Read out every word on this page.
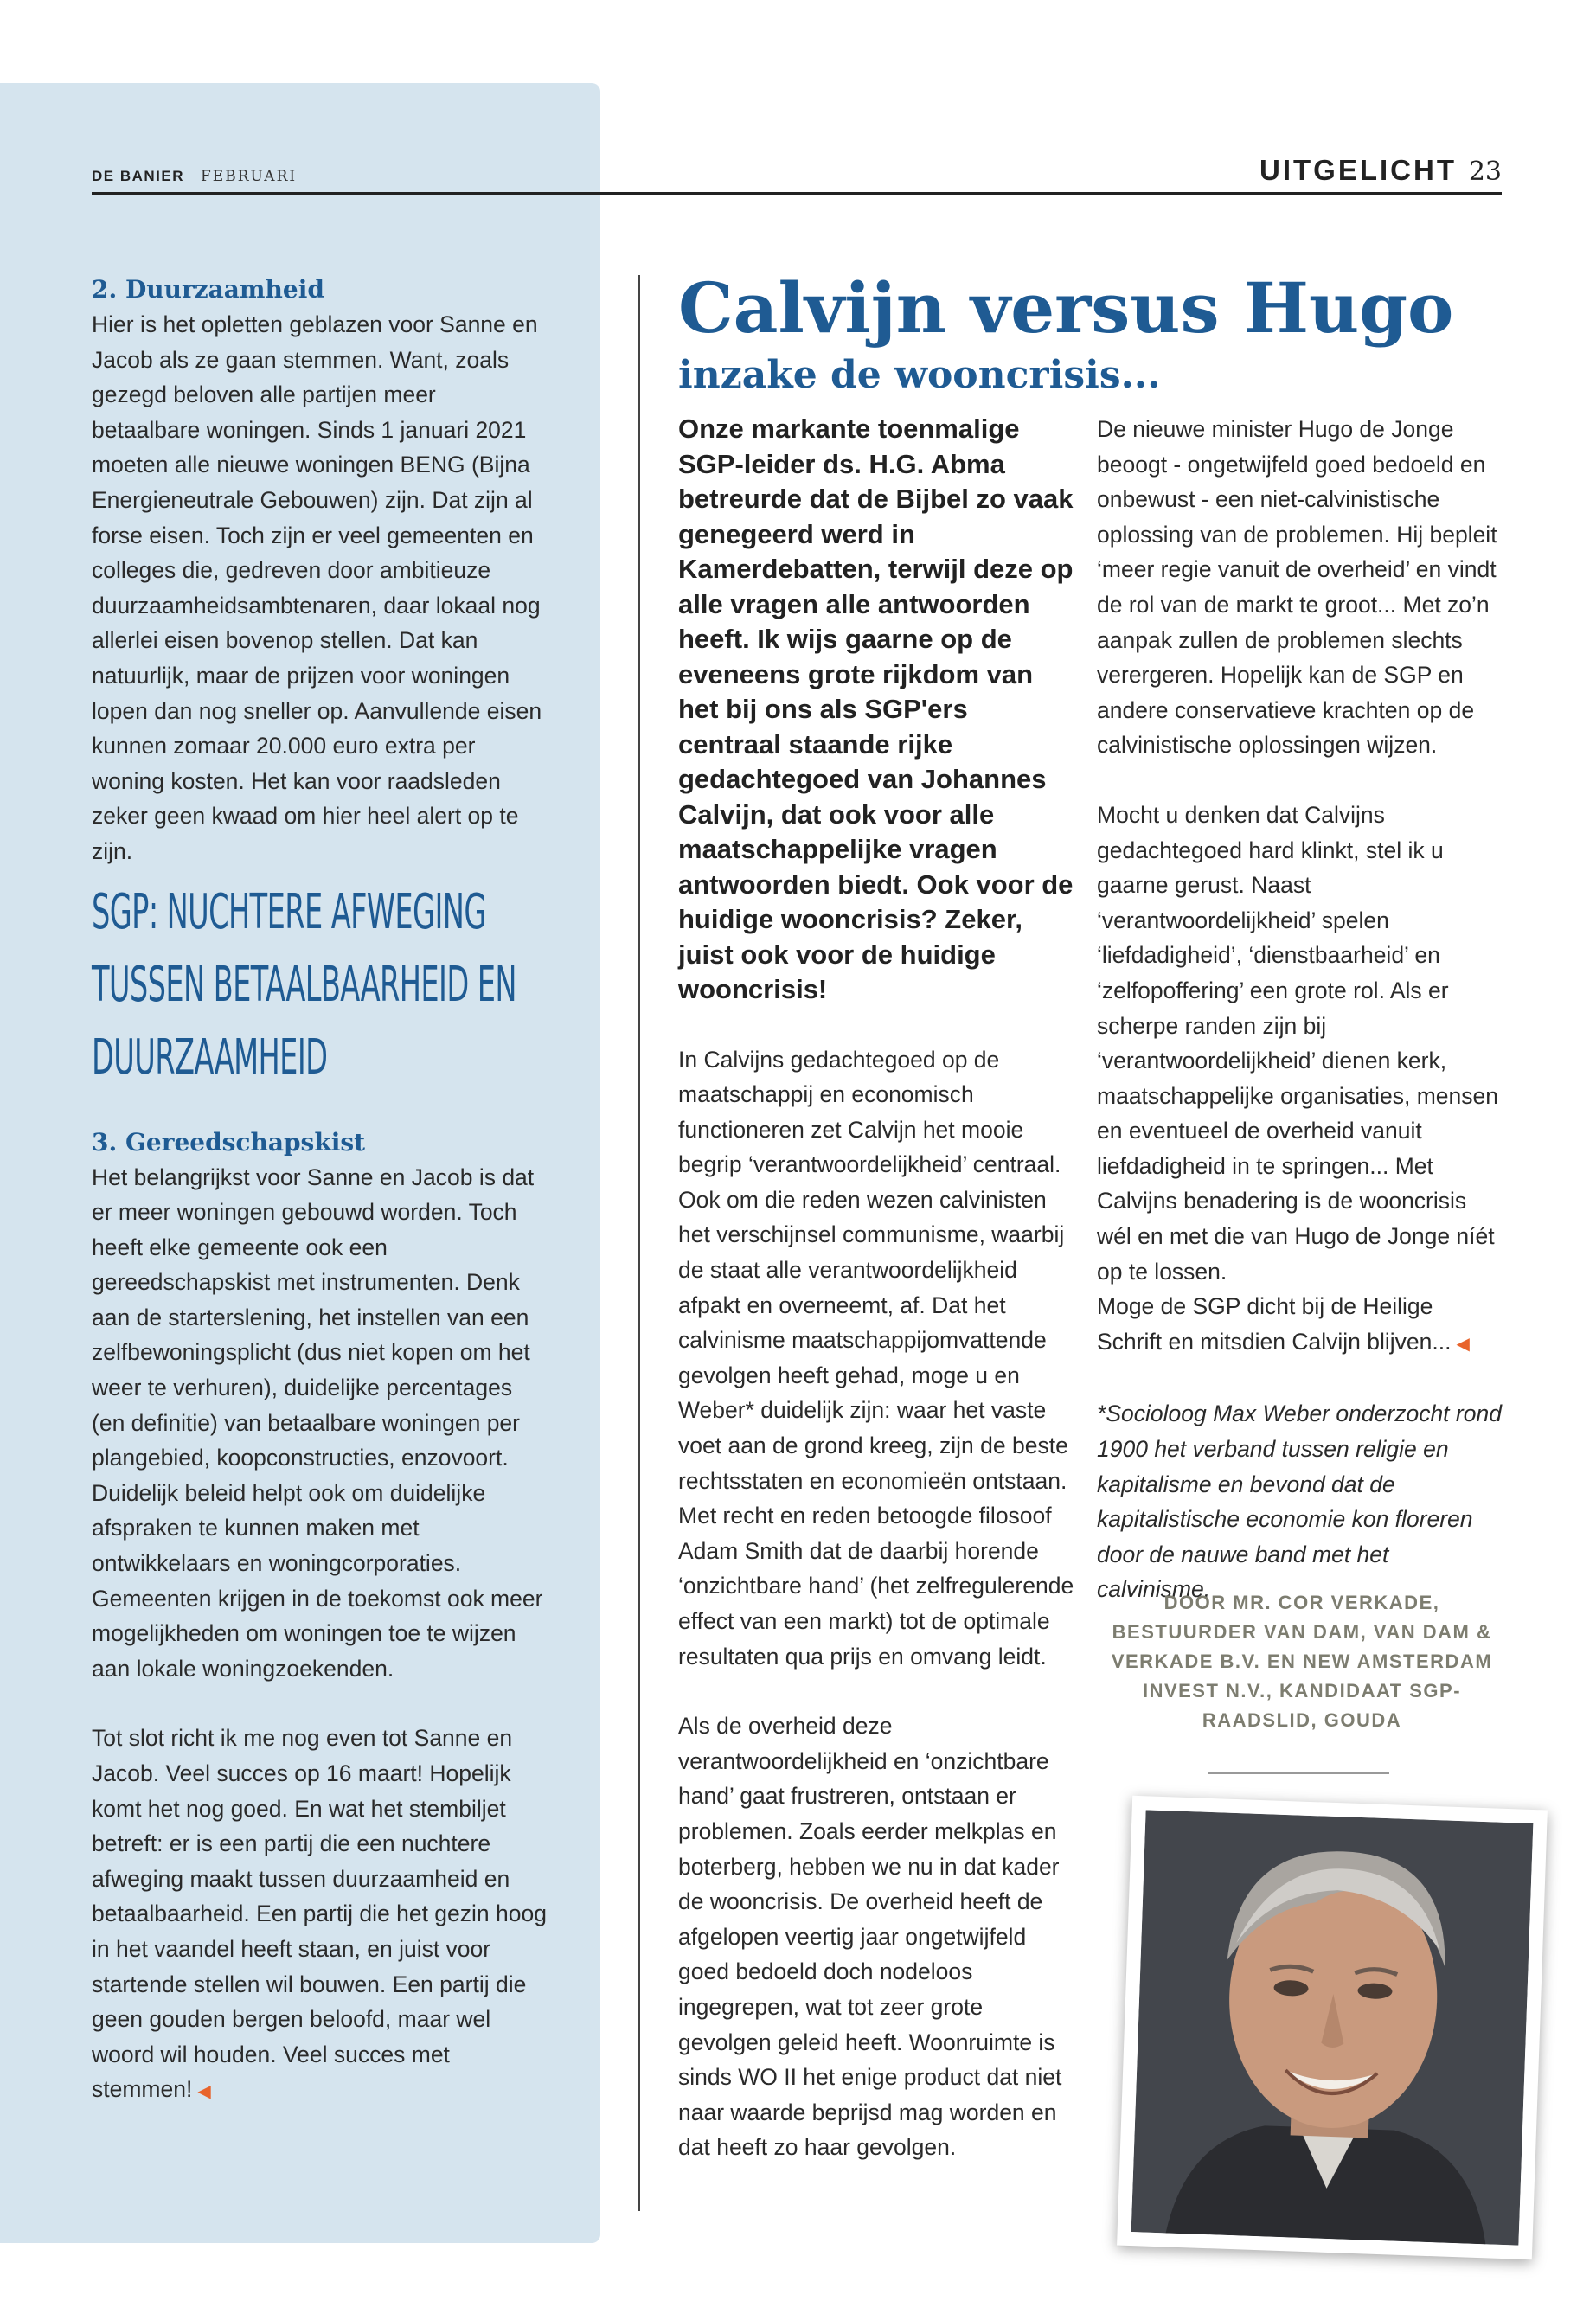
DE BANIER FEBRUARI	UITGELICHT 23
2. Duurzaamheid

Hier is het opletten geblazen voor Sanne en Jacob als ze gaan stemmen. Want, zoals gezegd beloven alle partijen meer betaalbare woningen. Sinds 1 januari 2021 moeten alle nieuwe woningen BENG (Bijna Energieneutrale Gebouwen) zijn. Dat zijn al forse eisen. Toch zijn er veel gemeenten en colleges die, gedreven door ambitieuze duurzaamheidsambtenaren, daar lokaal nog allerlei eisen bovenop stellen. Dat kan natuurlijk, maar de prijzen voor woningen lopen dan nog sneller op. Aanvullende eisen kunnen zomaar 20.000 euro extra per woning kosten. Het kan voor raadsleden zeker geen kwaad om hier heel alert op te zijn.

SGP: NUCHTERE AFWEGING TUSSEN BETAALBAARHEID EN DUURZAAMHEID
3. Gereedschapskist

Het belangrijkst voor Sanne en Jacob is dat er meer woningen gebouwd worden. Toch heeft elke gemeente ook een gereedschapskist met instrumenten. Denk aan de starterslening, het instellen van een zelfbewoningsplicht (dus niet kopen om het weer te verhuren), duidelijke percentages (en definitie) van betaalbare woningen per plangebied, koopconstructies, enzovoort. Duidelijk beleid helpt ook om duidelijke afspraken te kunnen maken met ontwikkelaars en woningcorporaties. Gemeenten krijgen in de toekomst ook meer mogelijkheden om woningen toe te wijzen aan lokale woningzoekenden.

Tot slot richt ik me nog even tot Sanne en Jacob. Veel succes op 16 maart! Hopelijk komt het nog goed. En wat het stembiljet betreft: er is een partij die een nuchtere afweging maakt tussen duurzaamheid en betaalbaarheid. Een partij die het gezin hoog in het vaandel heeft staan, en juist voor startende stellen wil bouwen. Een partij die geen gouden bergen beloofd, maar wel woord wil houden. Veel succes met stemmen! ◀

Calvijn versus Hugo
inzake de wooncrisis...

Onze markante toenmalige SGP-leider ds. H.G. Abma betreurde dat de Bijbel zo vaak genegeerd werd in Kamerdebatten, terwijl deze op alle vragen alle antwoorden heeft. Ik wijs gaarne op de eveneens grote rijkdom van het bij ons als SGP'ers centraal staande rijke gedachtegoed van Johannes Calvijn, dat ook voor alle maatschappelijke vragen antwoorden biedt. Ook voor de huidige wooncrisis? Zeker, juist ook voor de huidige wooncrisis!

In Calvijns gedachtegoed op de maatschappij en economisch functioneren zet Calvijn het mooie begrip ‘verantwoordelijkheid’ centraal. Ook om die reden wezen calvinisten het verschijnsel communisme, waarbij de staat alle verantwoordelijkheid afpakt en overneemt, af. Dat het calvinisme maatschappijomvattende gevolgen heeft gehad, moge u en Weber* duidelijk zijn: waar het vaste voet aan de grond kreeg, zijn de beste rechtsstaten en economieën ontstaan. Met recht en reden betoogde filosoof Adam Smith dat de daarbij horende ‘onzichtbare hand’ (het zelfregulerende effect van een markt) tot de optimale resultaten qua prijs en omvang leidt.

Als de overheid deze verantwoordelijkheid en ‘onzichtbare hand’ gaat frustreren, ontstaan er problemen. Zoals eerder melkplas en boterberg, hebben we nu in dat kader de wooncrisis. De overheid heeft de afgelopen veertig jaar ongetwijfeld goed bedoeld doch nodeloos ingegrepen, wat tot zeer grote gevolgen geleid heeft. Woonruimte is sinds WO II het enige product dat niet naar waarde beprijsd mag worden en dat heeft zo haar gevolgen.

De nieuwe minister Hugo de Jonge beoogt - ongetwijfeld goed bedoeld en onbewust - een niet-calvinistische oplossing van de problemen. Hij bepleit ‘meer regie vanuit de overheid’ en vindt de rol van de markt te groot... Met zo’n aanpak zullen de problemen slechts verergeren. Hopelijk kan de SGP en andere conservatieve krachten op de calvinistische oplossingen wijzen.

Mocht u denken dat Calvijns gedachtegoed hard klinkt, stel ik u gaarne gerust. Naast ‘verantwoordelijkheid’ spelen ‘liefdadigheid’, ‘dienstbaarheid’ en ‘zelfopoffering’ een grote rol. Als er scherpe randen zijn bij ‘verantwoordelijkheid’ dienen kerk, maatschappelijke organisaties, mensen en eventueel de overheid vanuit liefdadigheid in te springen... Met Calvijns benadering is de wooncrisis wél en met die van Hugo de Jonge níét op te lossen.

Moge de SGP dicht bij de Heilige Schrift en mitsdien Calvijn blijven... ◀

*Socioloog Max Weber onderzocht rond 1900 het verband tussen religie en kapitalisme en bevond dat de kapitalistische economie kon floreren door de nauwe band met het calvinisme.

DOOR MR. COR VERKADE, BESTUURDER VAN DAM, VAN DAM & VERKADE B.V. EN NEW AMSTERDAM INVEST N.V., KANDIDAAT SGP-RAADSLID, GOUDA
